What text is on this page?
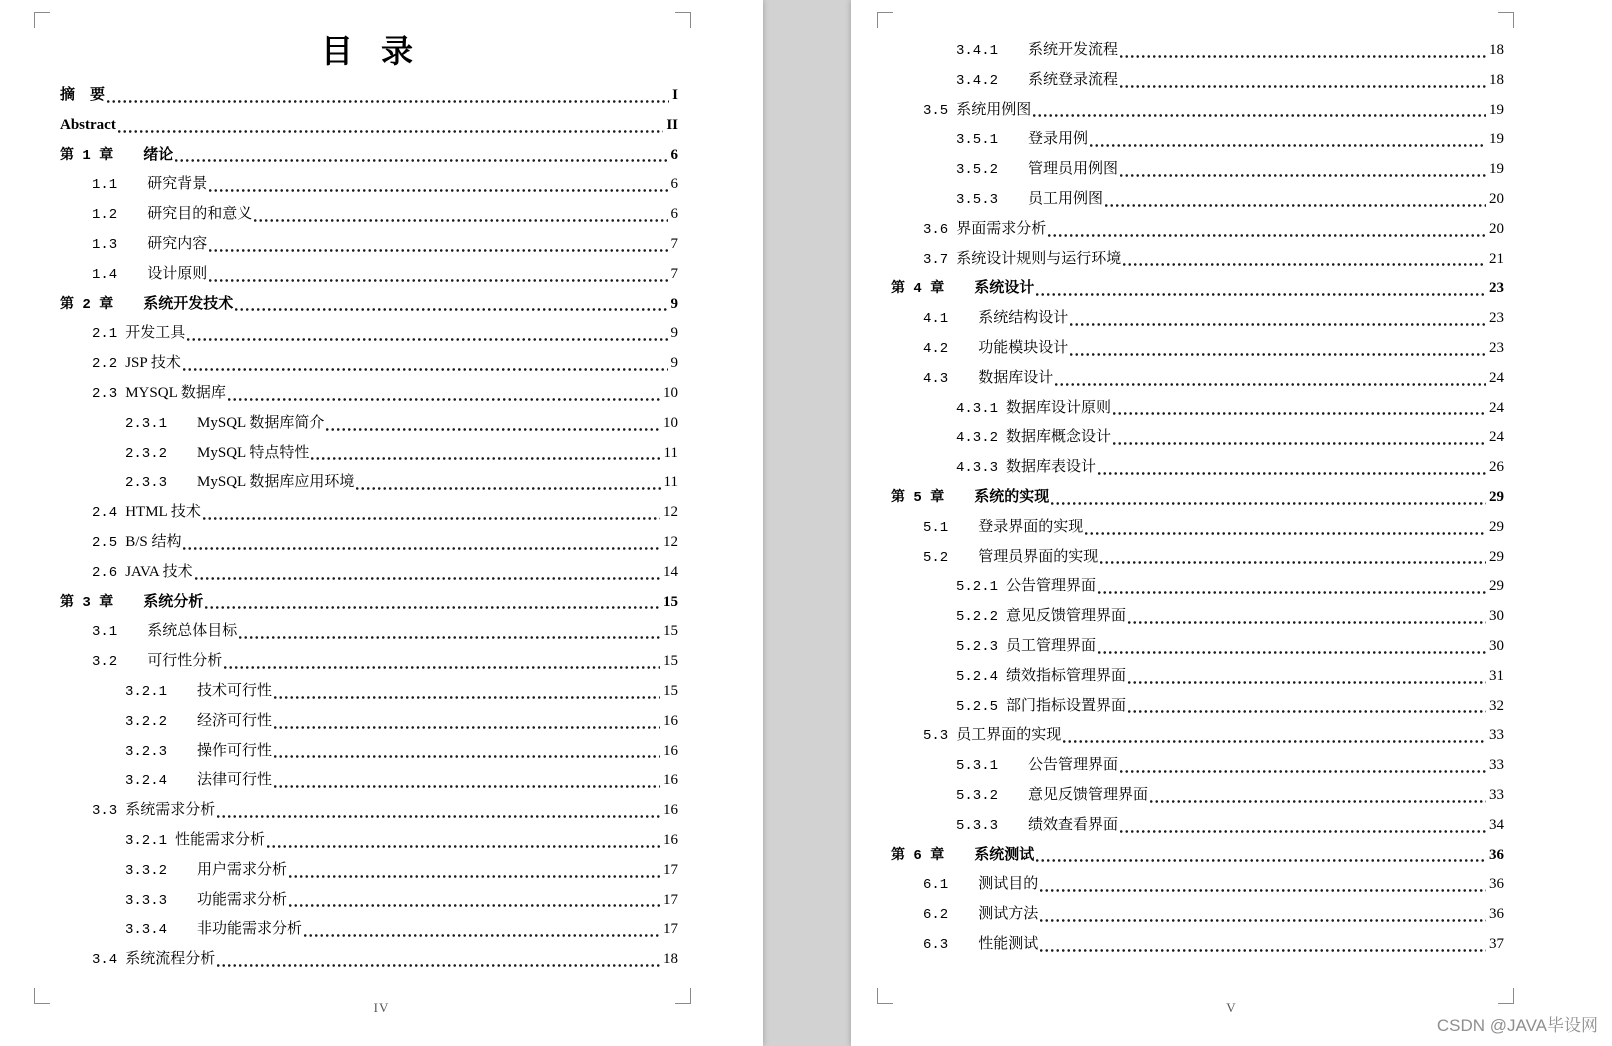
目  录
摘　要	I
Abstract	II
第 1 章 绪论	6
1.1 研究背景	6
1.2 研究目的和意义	6
1.3 研究内容	7
1.4 设计原则	7
第 2 章 系统开发技术	9
2.1 开发工具	9
2.2 JSP 技术	9
2.3 MYSQL 数据库	10
2.3.1 MySQL 数据库简介	10
2.3.2 MySQL 特点特性	11
2.3.3 MySQL 数据库应用环境	11
2.4 HTML 技术	12
2.5 B/S 结构	12
2.6 JAVA 技术	14
第 3 章 系统分析	15
3.1 系统总体目标	15
3.2 可行性分析	15
3.2.1 技术可行性	15
3.2.2 经济可行性	16
3.2.3 操作可行性	16
3.2.4 法律可行性	16
3.3 系统需求分析	16
3.2.1 性能需求分析	16
3.3.2 用户需求分析	17
3.3.3 功能需求分析	17
3.3.4 非功能需求分析	17
3.4 系统流程分析	18
IV
3.4.1 系统开发流程	18
3.4.2 系统登录流程	18
3.5 系统用例图	19
3.5.1 登录用例	19
3.5.2 管理员用例图	19
3.5.3 员工用例图	20
3.6 界面需求分析	20
3.7 系统设计规则与运行环境	21
第 4 章 系统设计	23
4.1 系统结构设计	23
4.2 功能模块设计	23
4.3 数据库设计	24
4.3.1 数据库设计原则	24
4.3.2 数据库概念设计	24
4.3.3 数据库表设计	26
第 5 章 系统的实现	29
5.1 登录界面的实现	29
5.2 管理员界面的实现	29
5.2.1 公告管理界面	29
5.2.2 意见反馈管理界面	30
5.2.3 员工管理界面	30
5.2.4 绩效指标管理界面	31
5.2.5 部门指标设置界面	32
5.3 员工界面的实现	33
5.3.1 公告管理界面	33
5.3.2 意见反馈管理界面	33
5.3.3 绩效查看界面	34
第 6 章 系统测试	36
6.1 测试目的	36
6.2 测试方法	36
6.3 性能测试	37
V
CSDN @JAVA毕设网
